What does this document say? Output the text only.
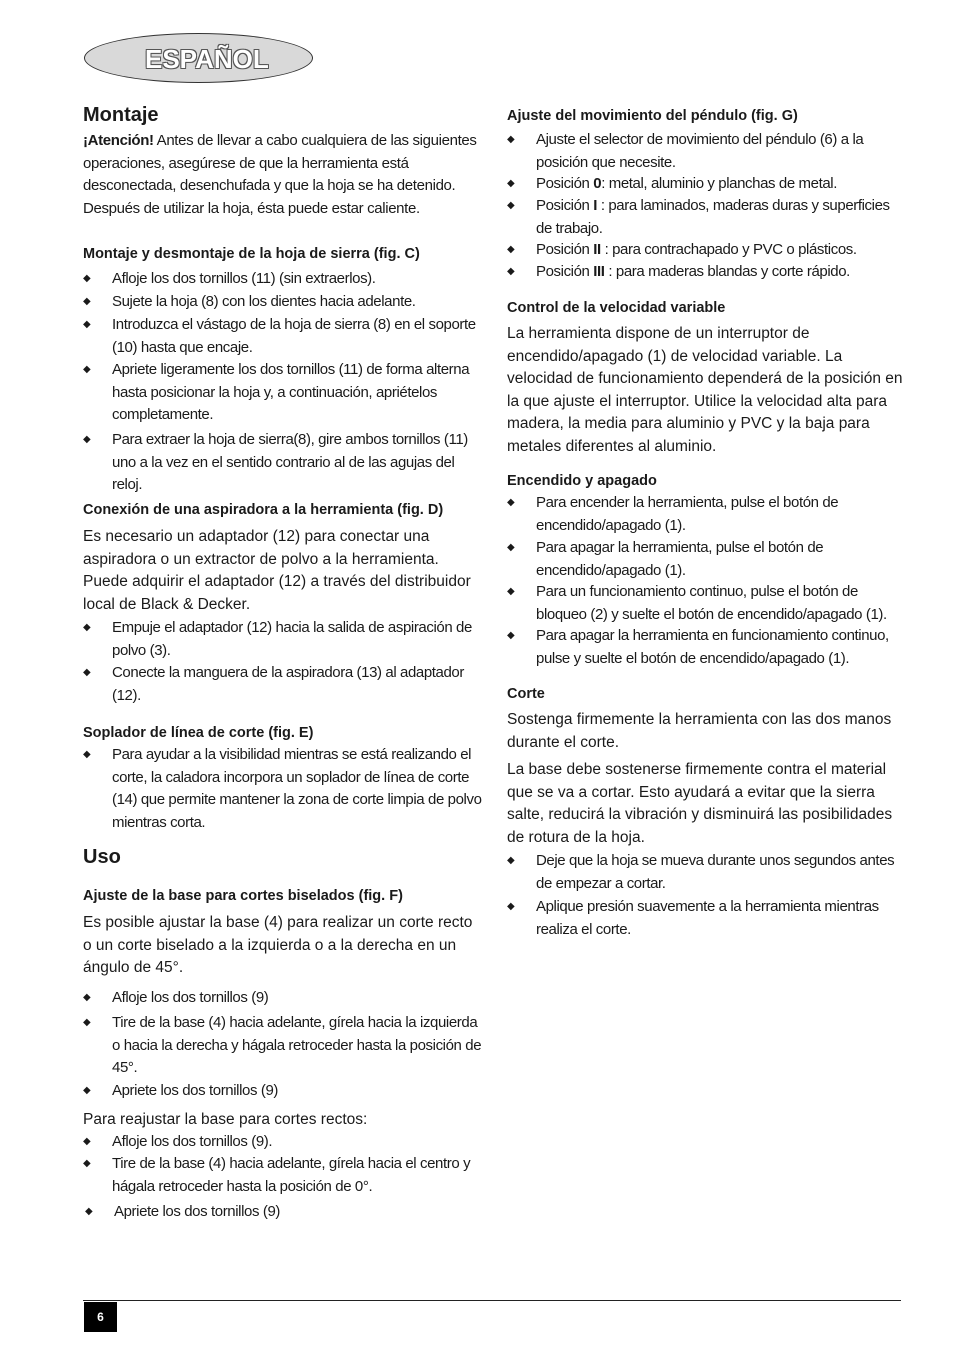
ESPAÑOL
Montaje
¡Atención! Antes de llevar a cabo cualquiera de las siguientes operaciones, asegúrese de que la herramienta está desconectada, desenchufada y que la hoja se ha detenido. Después de utilizar la hoja, ésta puede estar caliente.
Montaje y desmontaje de la hoja de sierra (fig. C)
◆	Afloje los dos tornillos (11) (sin extraerlos).
◆	Sujete la hoja (8) con los dientes hacia adelante.
◆	Introduzca el vástago de la hoja de sierra (8) en el soporte (10) hasta que encaje.
◆	Apriete ligeramente los dos tornillos (11) de forma alterna hasta posicionar la hoja y, a continuación, apriételos completamente.
◆	Para extraer la hoja de sierra(8), gire ambos tornillos (11) uno a la vez en el sentido contrario al de las agujas del reloj.
Conexión de una aspiradora a la herramienta (fig. D)
Es necesario un adaptador (12) para conectar una aspiradora o un extractor de polvo a la herramienta. Puede adquirir el adaptador (12) a través del distribuidor local de Black & Decker.
◆	Empuje el adaptador (12) hacia la salida de aspiración de polvo (3).
◆	Conecte la manguera de la aspiradora (13) al adaptador (12).
Soplador de línea de corte (fig. E)
◆	Para ayudar a la visibilidad mientras se está realizando el corte, la caladora incorpora un soplador de línea de corte (14) que permite mantener la zona de corte limpia de polvo mientras corta.
Uso
Ajuste de la base para cortes biselados (fig. F)
Es posible ajustar la base (4) para realizar un corte recto o un corte biselado a la izquierda o a la derecha en un ángulo de 45°.
◆	Afloje los dos tornillos (9)
◆	Tire de la base (4) hacia adelante, gírela hacia la izquierda o hacia la derecha y hágala retroceder hasta la posición de 45°.
◆	Apriete los dos tornillos (9)
Para reajustar la base para cortes rectos:
◆	Afloje los dos tornillos (9).
◆	Tire de la base (4) hacia adelante, gírela hacia el centro y hágala retroceder hasta la posición de 0°.
◆	Apriete los dos tornillos (9)
Ajuste del movimiento del péndulo (fig. G)
◆	Ajuste el selector de movimiento del péndulo (6) a la posición que necesite.
◆	Posición 0: metal, aluminio y planchas de metal.
◆	Posición I : para laminados, maderas duras y superficies de trabajo.
◆	Posición II : para contrachapado y PVC o plásticos.
◆	Posición III : para maderas blandas y corte rápido.
Control de la velocidad variable
La herramienta dispone de un interruptor de encendido/apagado (1) de velocidad variable. La velocidad de funcionamiento dependerá de la posición en la que ajuste el interruptor. Utilice la velocidad alta para madera, la media para aluminio y PVC y la baja para metales diferentes al aluminio.
Encendido y apagado
◆	Para encender la herramienta, pulse el botón de encendido/apagado (1).
◆	Para apagar la herramienta, pulse el botón de encendido/apagado (1).
◆	Para un funcionamiento continuo, pulse el botón de bloqueo (2) y suelte el botón de encendido/apagado (1).
◆	Para apagar la herramienta en funcionamiento continuo, pulse y suelte el botón de encendido/apagado (1).
Corte
Sostenga firmemente la herramienta con las dos manos durante el corte.
La base debe sostenerse firmemente contra el material que se va a cortar. Esto ayudará a evitar que la sierra salte, reducirá la vibración y disminuirá las posibilidades de rotura de la hoja.
◆	Deje que la hoja se mueva durante unos segundos antes de empezar a cortar.
◆	Aplique presión suavemente a la herramienta mientras realiza el corte.
6
